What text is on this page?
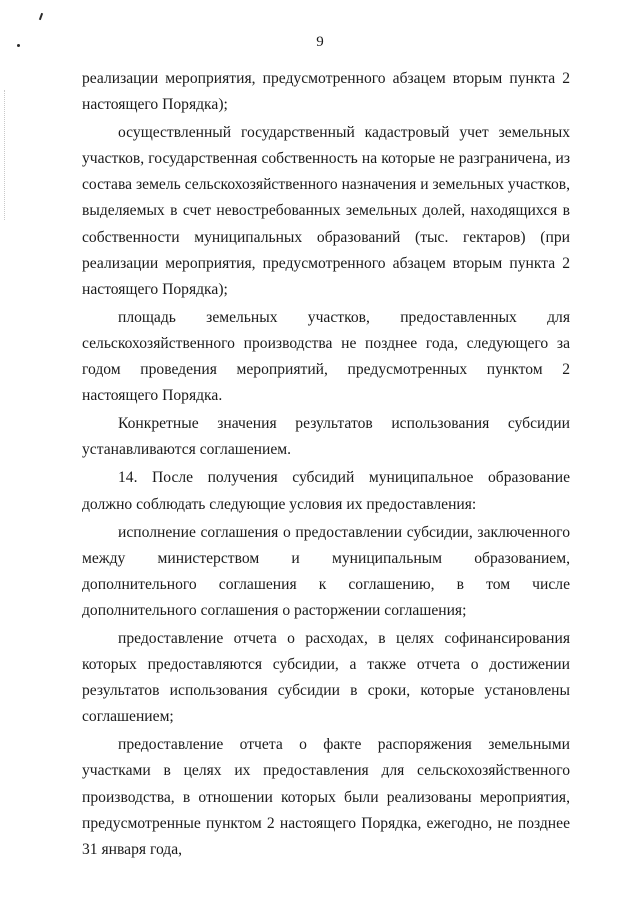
9

реализации мероприятия, предусмотренного абзацем вторым пункта 2 настоящего Порядка);

осуществленный государственный кадастровый учет земельных участков, государственная собственность на которые не разграничена, из состава земель сельскохозяйственного назначения и земельных участков, выделяемых в счет невостребованных земельных долей, находящихся в собственности муниципальных образований (тыс. гектаров) (при реализации мероприятия, предусмотренного абзацем вторым пункта 2 настоящего Порядка);

площадь земельных участков, предоставленных для сельскохозяйственного производства не позднее года, следующего за годом проведения мероприятий, предусмотренных пунктом 2 настоящего Порядка.

Конкретные значения результатов использования субсидии устанавливаются соглашением.

14. После получения субсидий муниципальное образование должно соблюдать следующие условия их предоставления:

исполнение соглашения о предоставлении субсидии, заключенного между министерством и муниципальным образованием, дополнительного соглашения к соглашению, в том числе дополнительного соглашения о расторжении соглашения;

предоставление отчета о расходах, в целях софинансирования которых предоставляются субсидии, а также отчета о достижении результатов использования субсидии в сроки, которые установлены соглашением;

предоставление отчета о факте распоряжения земельными участками в целях их предоставления для сельскохозяйственного производства, в отношении которых были реализованы мероприятия, предусмотренные пунктом 2 настоящего Порядка, ежегодно, не позднее 31 января года,
